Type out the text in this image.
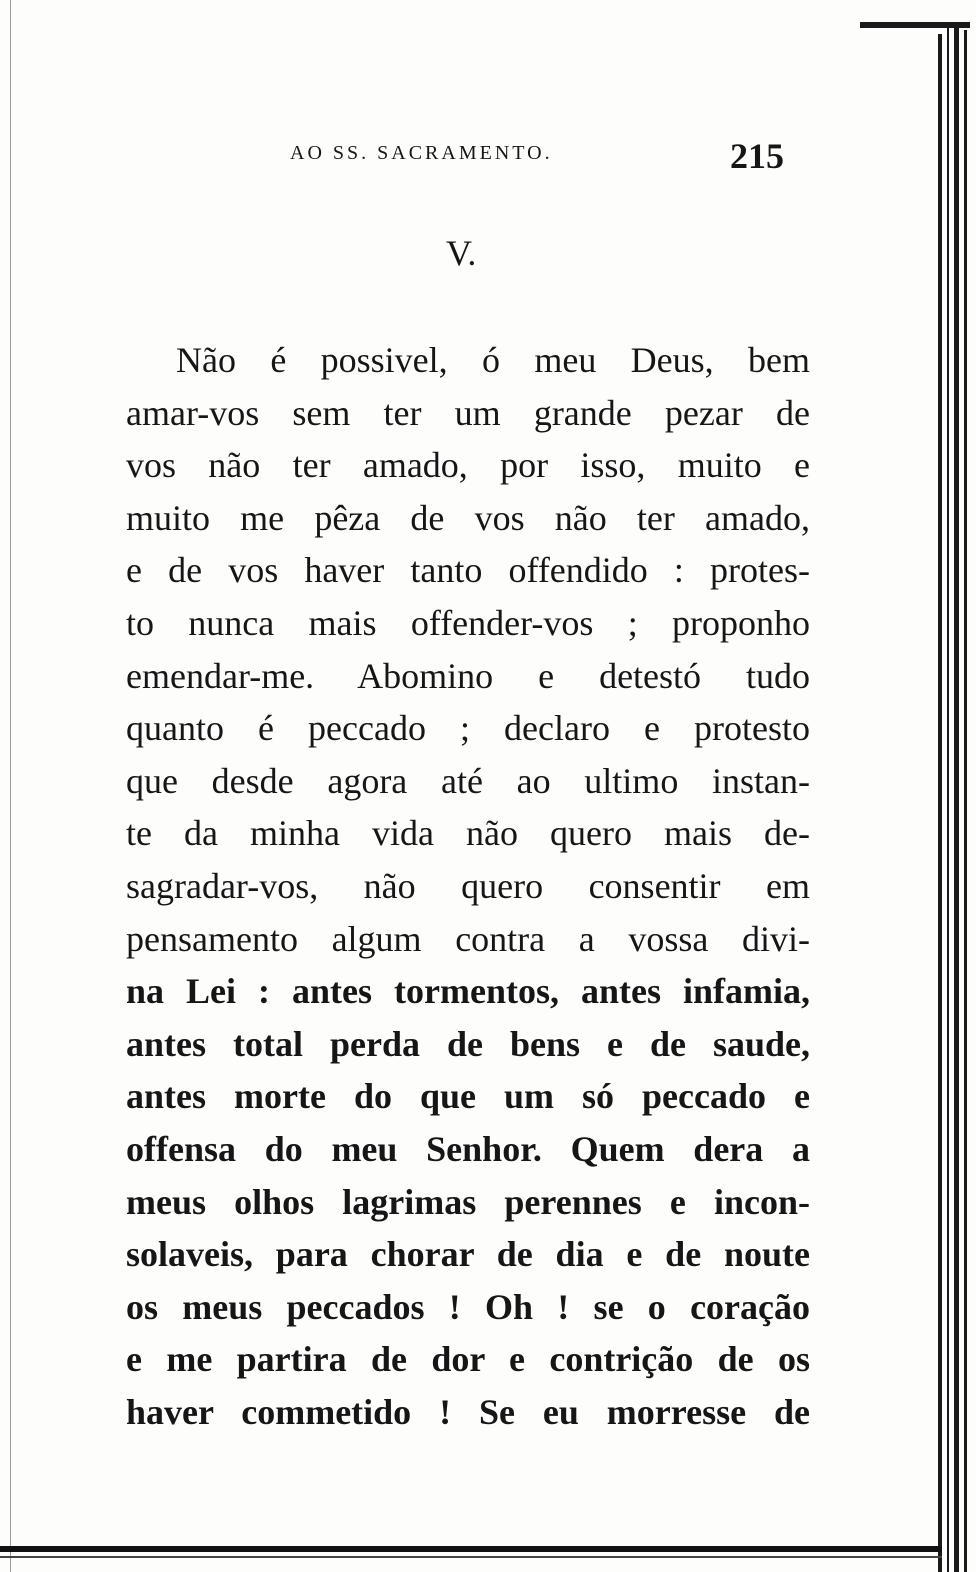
AO SS. SACRAMENTO.	215
V.
Não é possivel, ó meu Deus, bem
amar-vos sem ter um grande pezar de
vos não ter amado, por isso, muito e
muito me pêza de vos não ter amado,
e de vos haver tanto offendido : protes-
to nunca mais offender-vos ; proponho
emendar-me. Abomino e detestó tudo
quanto é peccado ; declaro e protesto
que desde agora até ao ultimo instan-
te da minha vida não quero mais de-
sagradar-vos, não quero consentir em
pensamento algum contra a vossa divi-
na Lei : antes tormentos, antes infamia,
antes total perda de bens e de saude,
antes morte do que um só peccado e
offensa do meu Senhor. Quem dera a
meus olhos lagrimas perennes e incon-
solaveis, para chorar de dia e de noute
os meus peccados ! Oh ! se o coração
e me partira de dor e contrição de os
haver commetido ! Se eu morresse de
